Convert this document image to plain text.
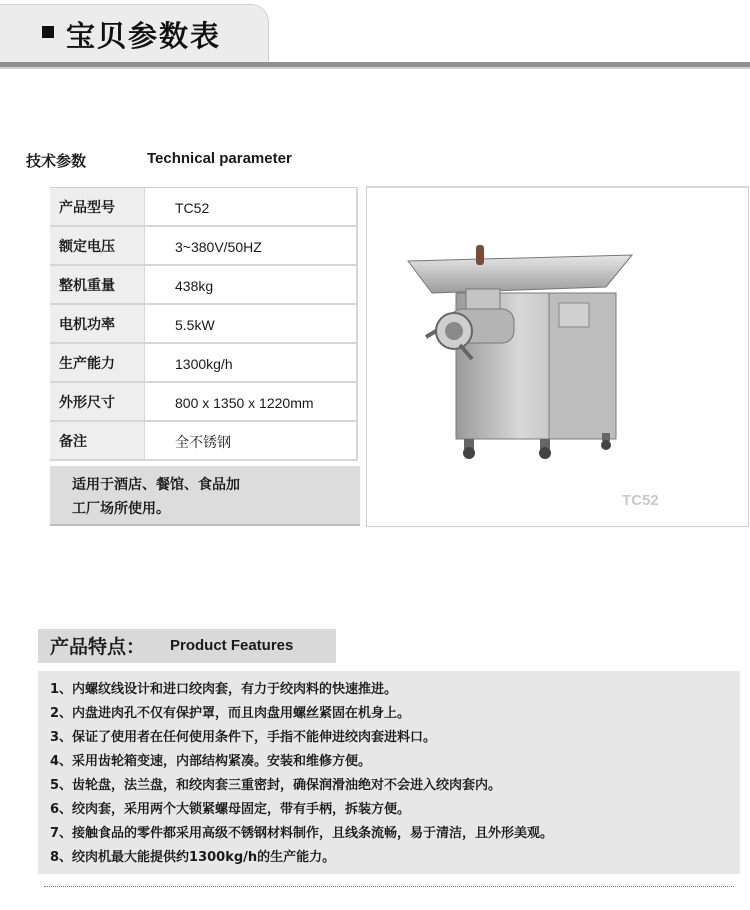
宝贝参数表
技术参数	Technical parameter
产品型号	TC52
额定电压	3~380V/50HZ
整机重量	438kg
电机功率	5.5kW
生产能力	1300kg/h
外形尺寸	800 x 1350 x 1220mm
备注	全不锈钢
适用于酒店、餐馆、食品加
工厂场所使用。	TC52
产品特点： Product Features
1、内螺纹线设计和进口绞肉套，有力于绞肉料的快速推进。
2、内盘进肉孔不仅有保护罩，而且肉盘用螺丝紧固在机身上。
3、保证了使用者在任何使用条件下，手指不能伸进绞肉套进料口。
4、采用齿轮箱变速，内部结构紧凑。安装和维修方便。
5、齿轮盘，法兰盘，和绞肉套三重密封，确保润滑油绝对不会进入绞肉套内。
6、绞肉套，采用两个大锁紧螺母固定，带有手柄，拆装方便。
7、接触食品的零件都采用高级不锈钢材料制作，且线条流畅，易于清洁，且外形美观。
8、绞肉机最大能提供约1300kg/h的生产能力。
